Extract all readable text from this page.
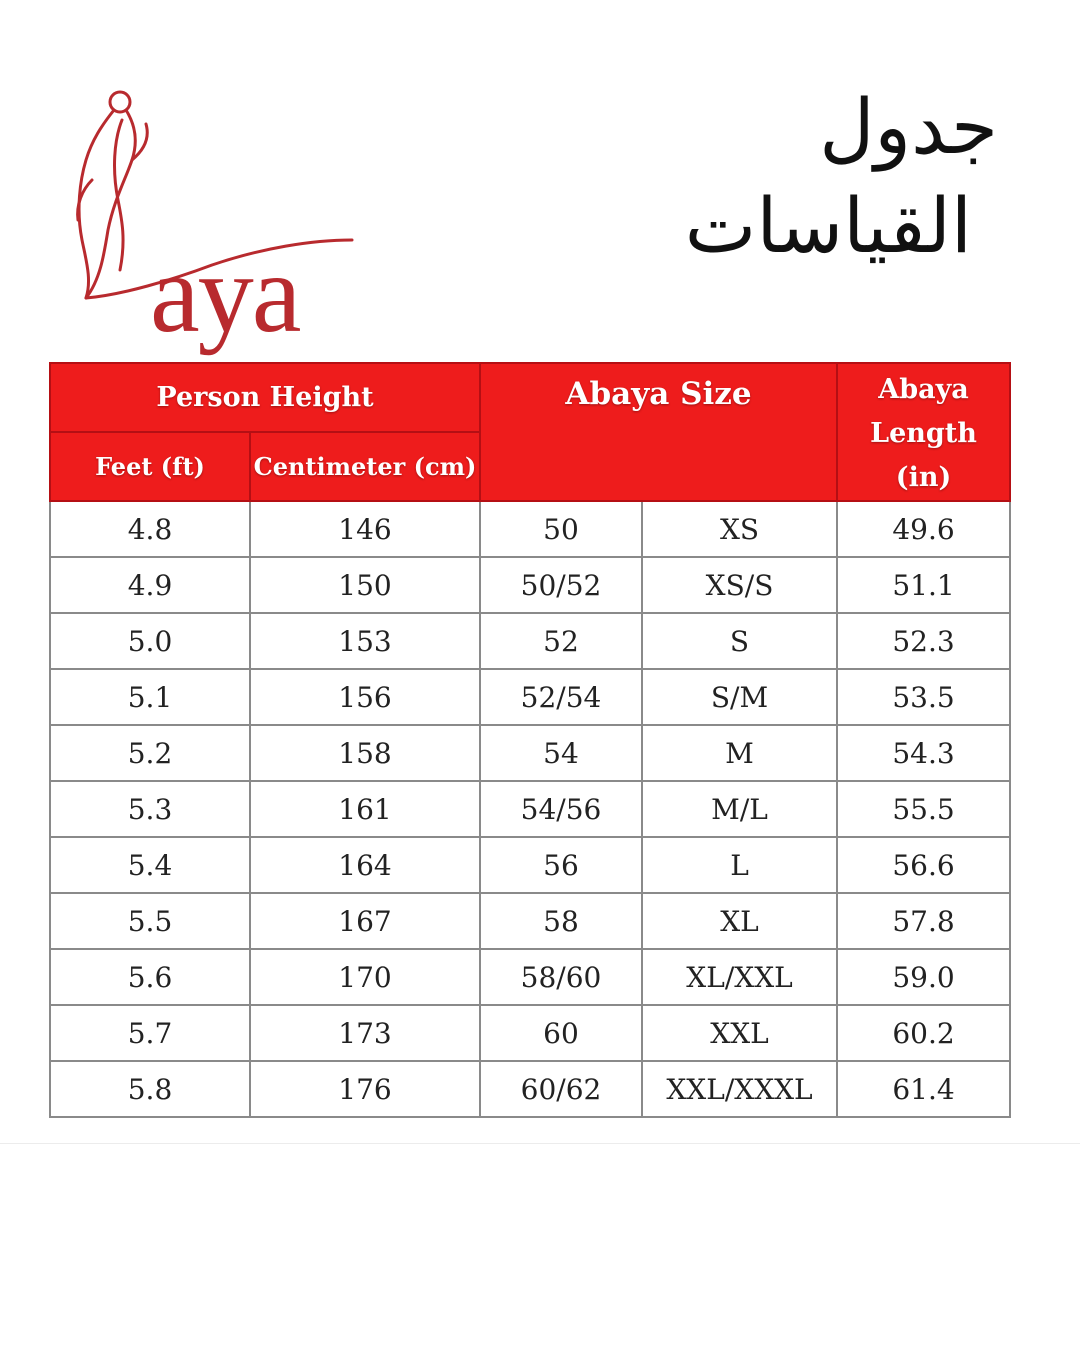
aya
جدول
القياسات
Person Height		Abaya Size		Abaya
Length (in)

Feet (ft)	Centimeter (cm)			
4.8	146	50	XS	49.6
4.9	150	50/52	XS/S	51.1
5.0	153	52	S	52.3
5.1	156	52/54	S/M	53.5
5.2	158	54	M	54.3
5.3	161	54/56	M/L	55.5
5.4	164	56	L	56.6
5.5	167	58	XL	57.8
5.6	170	58/60	XL/XXL	59.0
5.7	173	60	XXL	60.2
5.8	176	60/62	XXL/XXXL	61.4
